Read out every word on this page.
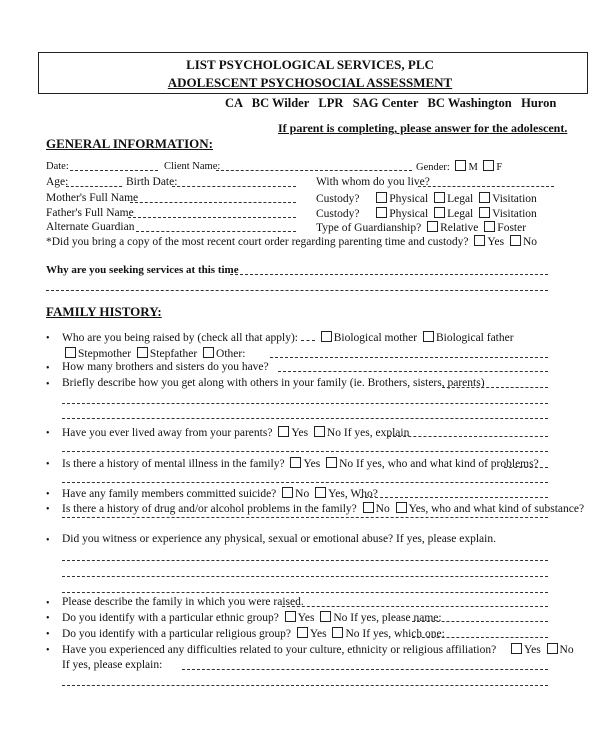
LIST PSYCHOLOGICAL SERVICES, PLC
ADOLESCENT PSYCHOSOCIAL ASSESSMENT
CA   BC Wilder   LPR   SAG Center   BC Washington   Huron
If parent is completing, please answer for the adolescent.
GENERAL INFORMATION:
Date:	Client Name:	Gender: M F
Age:	Birth Date:	With whom do you live?
Mother's Full Name	Custody?	Physical Legal Visitation
Father's Full Name	Custody?	Physical Legal Visitation
Alternate Guardian	Type of Guardianship? Relative Foster
*Did you bring a copy of the most recent court order regarding parenting time and custody? Yes No
Why are you seeking services at this time
FAMILY HISTORY:
• Who are you being raised by (check all that apply):	Biological mother Biological father
Stepmother Stepfather Other:
• How many brothers and sisters do you have?
• Briefly describe how you get along with others in your family (ie. Brothers, sisters, parents)
• Have you ever lived away from your parents? Yes No If yes, explain
• Is there a history of mental illness in the family? Yes No If yes, who and what kind of problems?
• Have any family members committed suicide? No Yes, Who?
• Is there a history of drug and/or alcohol problems in the family? No Yes, who and what kind of substance?
• Did you witness or experience any physical, sexual or emotional abuse? If yes, please explain.
• Please describe the family in which you were raised.
• Do you identify with a particular ethnic group? Yes No If yes, please name:
• Do you identify with a particular religious group? Yes No If yes, which one:
• Have you experienced any difficulties related to your culture, ethnicity or religious affiliation? Yes No
If yes, please explain:
